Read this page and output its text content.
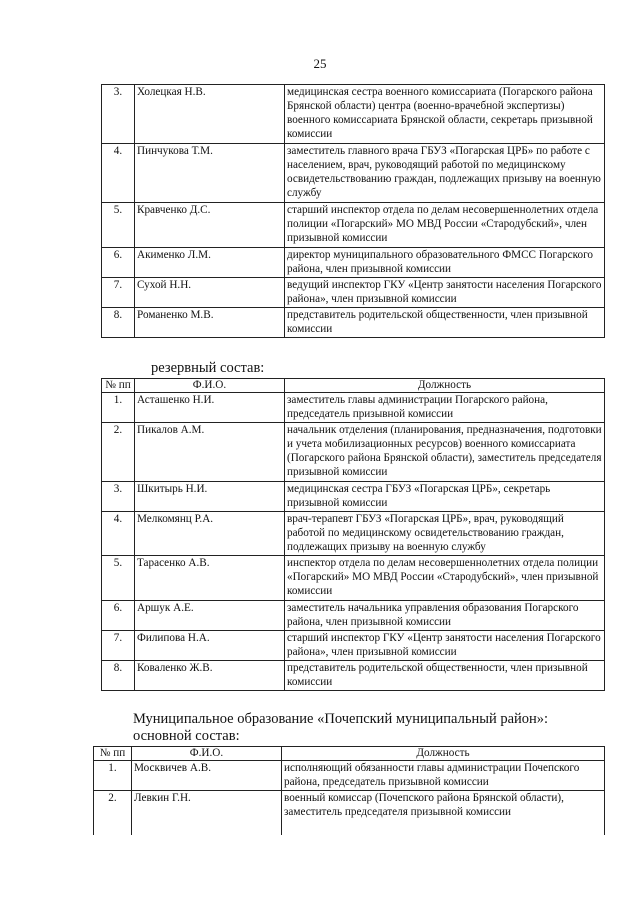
25
3.	Холецкая Н.В.	медицинская сестра военного комиссариата (Погарского района Брянской области) центра (военно-врачебной экспертизы) военного комиссариата Брянской области, секретарь призывной комиссии
4.	Пинчукова Т.М.	заместитель главного врача ГБУЗ «Погарская ЦРБ» по работе с населением, врач, руководящий работой по медицинскому освидетельствованию граждан, подлежащих призыву на военную службу
5.	Кравченко Д.С.	старший инспектор отдела по делам несовершеннолетних отдела полиции «Погарский» МО МВД России «Стародубский», член призывной комиссии
6.	Акименко Л.М.	директор муниципального образовательного ФМСС Погарского района, член призывной комиссии
7.	Сухой Н.Н.	ведущий инспектор ГКУ «Центр занятости населения Погарского района», член призывной комиссии
8.	Романенко М.В.	представитель родительской общественности, член призывной комиссии
резервный состав:
№ пп	Ф.И.О.	Должность
1.	Асташенко Н.И.	заместитель главы администрации Погарского района, председатель призывной комиссии
2.	Пикалов А.М.	начальник отделения (планирования, предназначения, подготовки и учета мобилизационных ресурсов) военного комиссариата (Погарского района Брянской области), заместитель председателя призывной комиссии
3.	Шкитырь Н.И.	медицинская сестра ГБУЗ «Погарская ЦРБ», секретарь призывной комиссии
4.	Мелкомянц Р.А.	врач-терапевт ГБУЗ «Погарская ЦРБ», врач, руководящий работой по медицинскому освидетельствованию граждан, подлежащих призыву на военную службу
5.	Тарасенко А.В.	инспектор отдела по делам несовершеннолетних отдела полиции «Погарский» МО МВД России «Стародубский», член призывной комиссии
6.	Аршук А.Е.	заместитель начальника управления образования Погарского района, член призывной комиссии
7.	Филипова Н.А.	старший инспектор ГКУ «Центр занятости населения Погарского района», член призывной комиссии
8.	Коваленко Ж.В.	представитель родительской общественности, член призывной комиссии
Муниципальное образование «Почепский муниципальный район»:
основной состав:
№ пп	Ф.И.О.	Должность
1.	Москвичев А.В.	исполняющий обязанности главы администрации Почепского района, председатель призывной комиссии
2.	Левкин Г.Н.	военный комиссар (Почепского района Брянской области), заместитель председателя призывной комиссии
